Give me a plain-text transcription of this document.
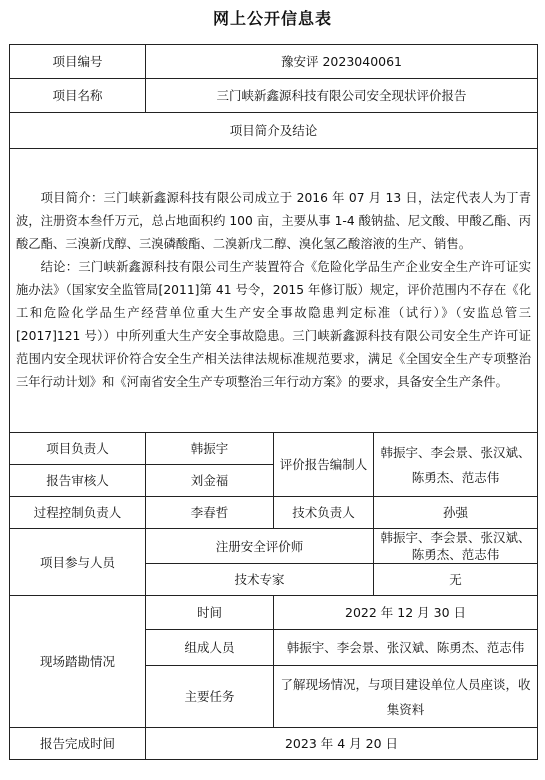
网上公开信息表
项目编号	豫安评 2023040061		
项目名称	三门峡新鑫源科技有限公司安全现状评价报告		
项目简介及结论			

项目简介：三门峡新鑫源科技有限公司成立于 2016 年 07 月 13 日，法定代表人为丁青波，注册资本叁仟万元，总占地面积约 100 亩，主要从事 1-4 酸钠盐、尼文酸、甲酸乙酯、丙酸乙酯、三溴新戊醇、三溴磷酸酯、二溴新戊二醇、溴化氢乙酸溶液的生产、销售。

结论：三门峡新鑫源科技有限公司生产装置符合《危险化学品生产企业安全生产许可证实施办法》（国家安全监管局[2011]第 41 号令，2015 年修订版）规定，评价范围内不存在《化工和危险化学品生产经营单位重大生产安全事故隐患判定标准（试行）》（安监总管三[2017]121 号））中所列重大生产安全事故隐患。三门峡新鑫源科技有限公司安全生产许可证范围内安全现状评价符合安全生产相关法律法规标准规范要求，满足《全国安全生产专项整治三年行动计划》和《河南省安全生产专项整治三年行动方案》的要求，具备安全生产条件。			

项目负责人	韩振宇	评价报告编制人	韩振宇、李会景、张汉斌、陈勇杰、范志伟
报告审核人	刘金福		
过程控制负责人	李春哲	技术负责人	孙强
项目参与人员	注册安全评价师		韩振宇、李会景、张汉斌、陈勇杰、范志伟
	技术专家		无
现场踏勘情况	时间	2022 年 12 月 30 日	
	组成人员	韩振宇、李会景、张汉斌、陈勇杰、范志伟	
	主要任务	了解现场情况，与项目建设单位人员座谈，收集资料	
报告完成时间	2023 年 4 月 20 日		
